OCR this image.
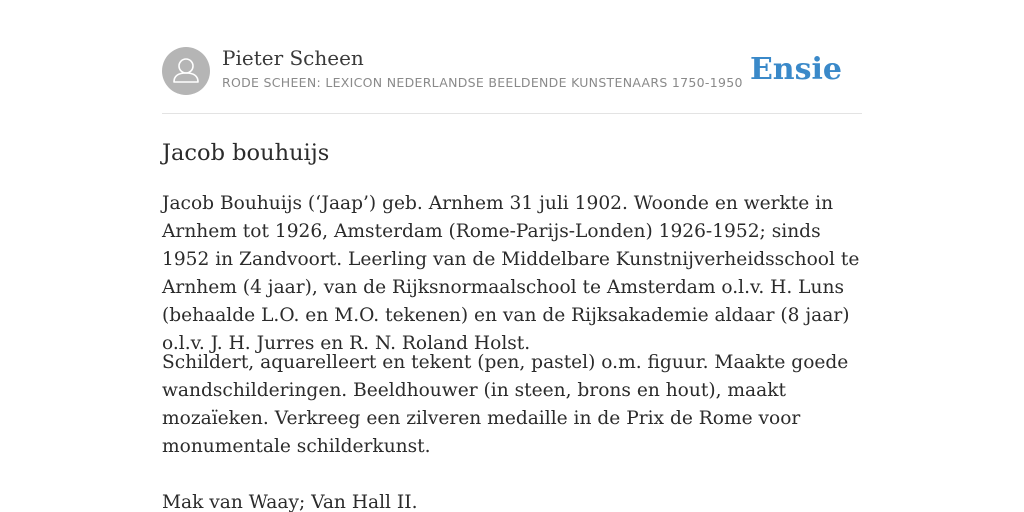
Pieter Scheen
RODE SCHEEN: LEXICON NEDERLANDSE BEELDENDE KUNSTENAARS 1750-1950 Ensie
Jacob bouhuijs

Jacob Bouhuijs (‘Jaap’) geb. Arnhem 31 juli 1902. Woonde en werkte in Arnhem tot 1926, Amsterdam (Rome-Parijs-Londen) 1926-1952; sinds 1952 in Zandvoort. Leerling van de Middelbare Kunstnijverheidsschool te Arnhem (4 jaar), van de Rijksnormaalschool te Amsterdam o.l.v. H. Luns (behaalde L.O. en M.O. tekenen) en van de Rijksakademie aldaar (8 jaar) o.l.v. J. H. Jurres en R. N. Roland Holst.

Schildert, aquarelleert en tekent (pen, pastel) o.m. figuur. Maakte goede wandschilderingen. Beeldhouwer (in steen, brons en hout), maakt mozaïeken. Verkreeg een zilveren medaille in de Prix de Rome voor monumentale schilderkunst.

Mak van Waay; Van Hall II.
